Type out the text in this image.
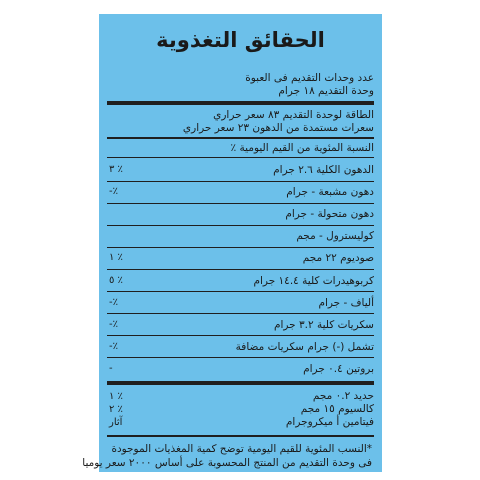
الحقائق التغذوية
عدد وحدات التقديم فى العبوة
وحدة التقديم ١٨ جرام
الطاقة لوحدة التقديم ٨٣ سعر حراري
سعرات مستمدة من الدهون ٢٣ سعر حراري
النسبة المئوية من القيم اليومية ٪
الدهون الكلية ٢.٦ جرام
٣ ٪
دهون مشبعة - جرام
-٪
دهون متحولة - جرام
كوليسترول - مجم
صوديوم ٢٢ مجم
١ ٪
كربوهيدرات كلية ١٤.٤ جرام
٥ ٪
ألياف - جرام
-٪
سكريات كلية ٣.٢ جرام
-٪
تشمل (-) جرام سكريات مضافة
-٪
بروتين ٠.٤ جرام
-
حديد ٠.٢ مجم
١ ٪
كالسيوم ١٥ مجم
٢ ٪
فيتامين أ ميكروجرام
آثار
*النسب المئوية للقيم اليومية توضح كمية المغذيات الموجودة
فى وحدة التقديم من المنتج المحسوبة على أساس ٢٠٠٠ سعر يوميا
